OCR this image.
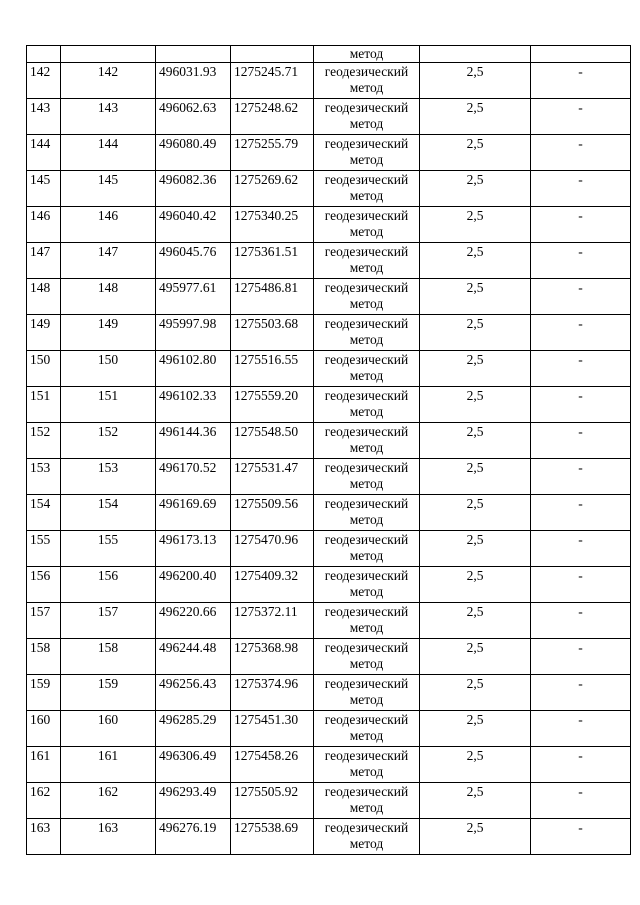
				метод		
142	142	496031.93	1275245.71	геодезический
метод	2,5	-
143	143	496062.63	1275248.62	геодезический
метод	2,5	-
144	144	496080.49	1275255.79	геодезический
метод	2,5	-
145	145	496082.36	1275269.62	геодезический
метод	2,5	-
146	146	496040.42	1275340.25	геодезический
метод	2,5	-
147	147	496045.76	1275361.51	геодезический
метод	2,5	-
148	148	495977.61	1275486.81	геодезический
метод	2,5	-
149	149	495997.98	1275503.68	геодезический
метод	2,5	-
150	150	496102.80	1275516.55	геодезический
метод	2,5	-
151	151	496102.33	1275559.20	геодезический
метод	2,5	-
152	152	496144.36	1275548.50	геодезический
метод	2,5	-
153	153	496170.52	1275531.47	геодезический
метод	2,5	-
154	154	496169.69	1275509.56	геодезический
метод	2,5	-
155	155	496173.13	1275470.96	геодезический
метод	2,5	-
156	156	496200.40	1275409.32	геодезический
метод	2,5	-
157	157	496220.66	1275372.11	геодезический
метод	2,5	-
158	158	496244.48	1275368.98	геодезический
метод	2,5	-
159	159	496256.43	1275374.96	геодезический
метод	2,5	-
160	160	496285.29	1275451.30	геодезический
метод	2,5	-
161	161	496306.49	1275458.26	геодезический
метод	2,5	-
162	162	496293.49	1275505.92	геодезический
метод	2,5	-
163	163	496276.19	1275538.69	геодезический
метод	2,5	-
